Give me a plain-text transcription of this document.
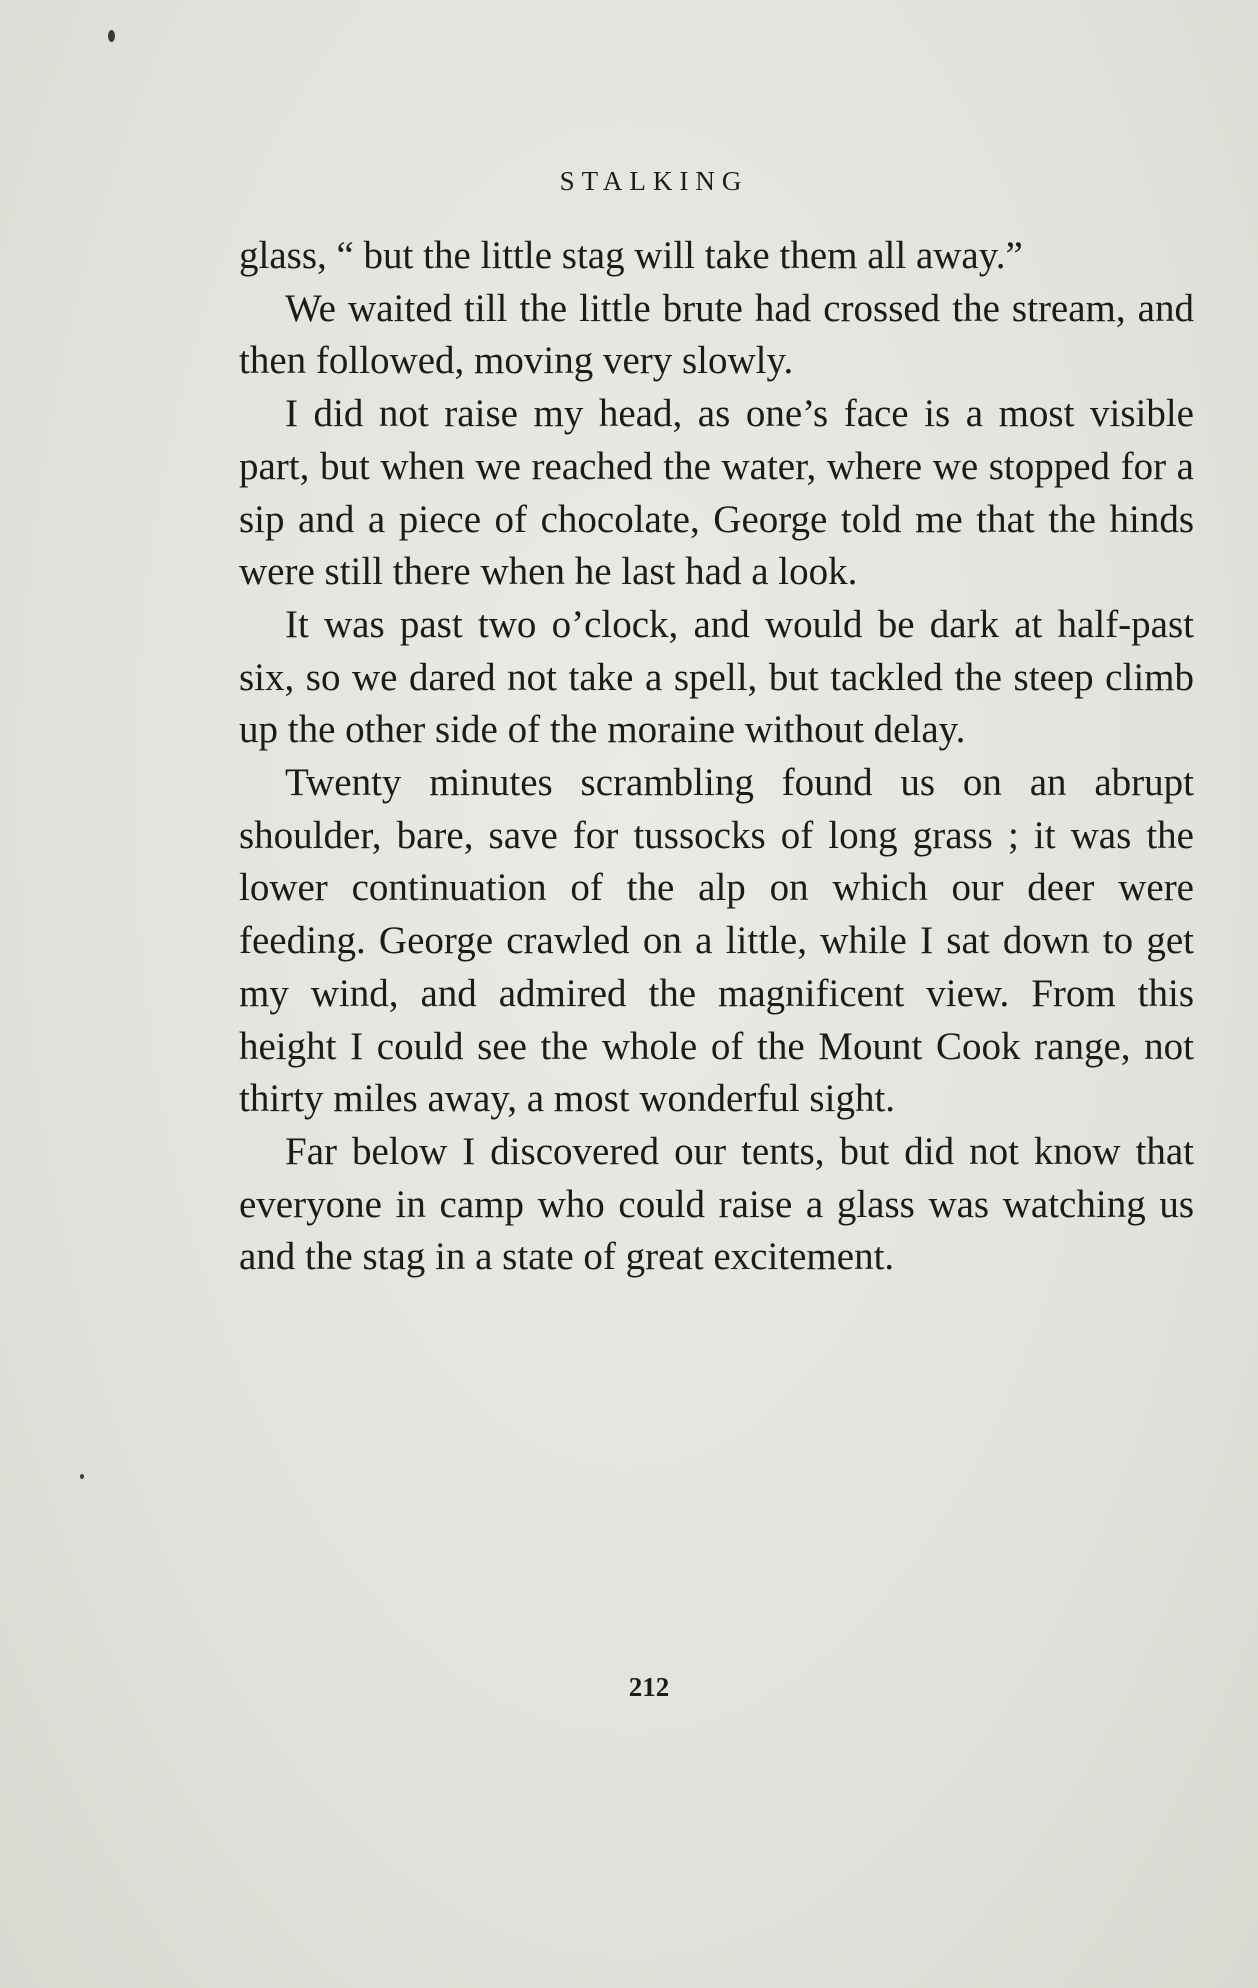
STALKING

glass, “ but the little stag will take them all away.”

We waited till the little brute had crossed the stream, and then followed, moving very slowly.

I did not raise my head, as one’s face is a most visible part, but when we reached the water, where we stopped for a sip and a piece of chocolate, George told me that the hinds were still there when he last had a look.

It was past two o’clock, and would be dark at half-past six, so we dared not take a spell, but tackled the steep climb up the other side of the moraine without delay.

Twenty minutes scrambling found us on an abrupt shoulder, bare, save for tussocks of long grass ; it was the lower continuation of the alp on which our deer were feeding. George crawled on a little, while I sat down to get my wind, and admired the magnificent view. From this height I could see the whole of the Mount Cook range, not thirty miles away, a most wonderful sight.

Far below I discovered our tents, but did not know that everyone in camp who could raise a glass was watching us and the stag in a state of great excitement.

212
